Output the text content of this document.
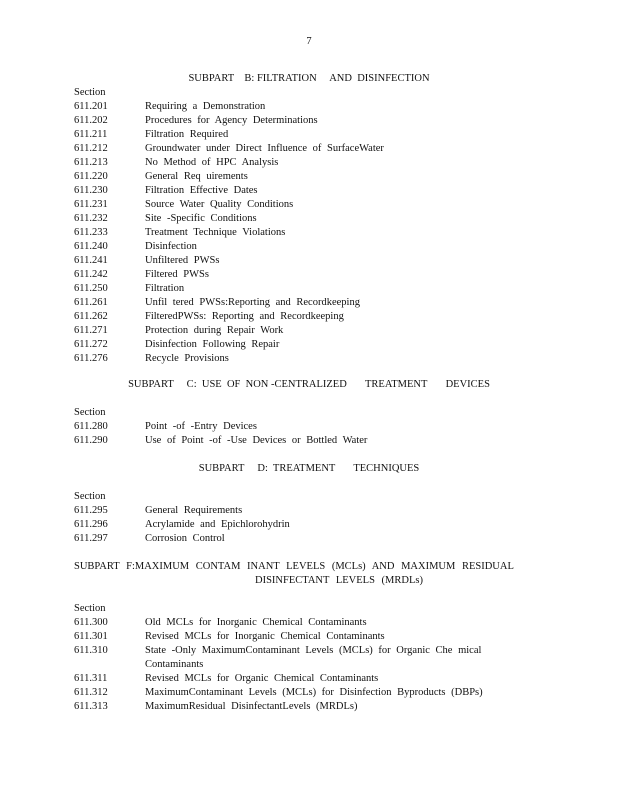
7
SUBPART    B: FILTRATION     AND  DISINFECTION
Section
611.201	Requiring a Demonstration
611.202	Procedures for Agency Determinations
611.211	Filtration Required
611.212	Groundwater under Direct Influence of SurfaceWater
611.213	No Method of HPC Analysis
611.220	General Req uirements
611.230	Filtration Effective Dates
611.231	Source Water Quality Conditions
611.232	Site -Specific Conditions
611.233	Treatment Technique Violations
611.240	Disinfection
611.241	Unfiltered PWSs
611.242	Filtered PWSs
611.250	Filtration
611.261	Unfil tered PWSs:Reporting and Recordkeeping
611.262	FilteredPWSs: Reporting and Recordkeeping
611.271	Protection during Repair Work
611.272	Disinfection Following Repair
611.276	Recycle Provisions
SUBPART     C:  USE  OF  NON -CENTRALIZED       TREATMENT       DEVICES
Section
611.280	Point -of -Entry Devices
611.290	Use of Point -of -Use Devices or Bottled Water
SUBPART     D:  TREATMENT       TECHNIQUES
Section
611.295	General Requirements
611.296	Acrylamide and Epichlorohydrin
611.297	Corrosion Control
SUBPART F:MAXIMUM CONTAM INANT LEVELS (MCLs) AND MAXIMUM RESIDUAL
DISINFECTANT LEVELS (MRDLs)
Section
611.300	Old MCLs for Inorganic Chemical Contaminants
611.301	Revised MCLs for Inorganic Chemical Contaminants
611.310	State -Only MaximumContaminant Levels (MCLs) for Organic Che mical Contaminants
611.311	Revised MCLs for Organic Chemical Contaminants
611.312	MaximumContaminant Levels (MCLs) for Disinfection Byproducts (DBPs)
611.313	MaximumResidual DisinfectantLevels (MRDLs)
